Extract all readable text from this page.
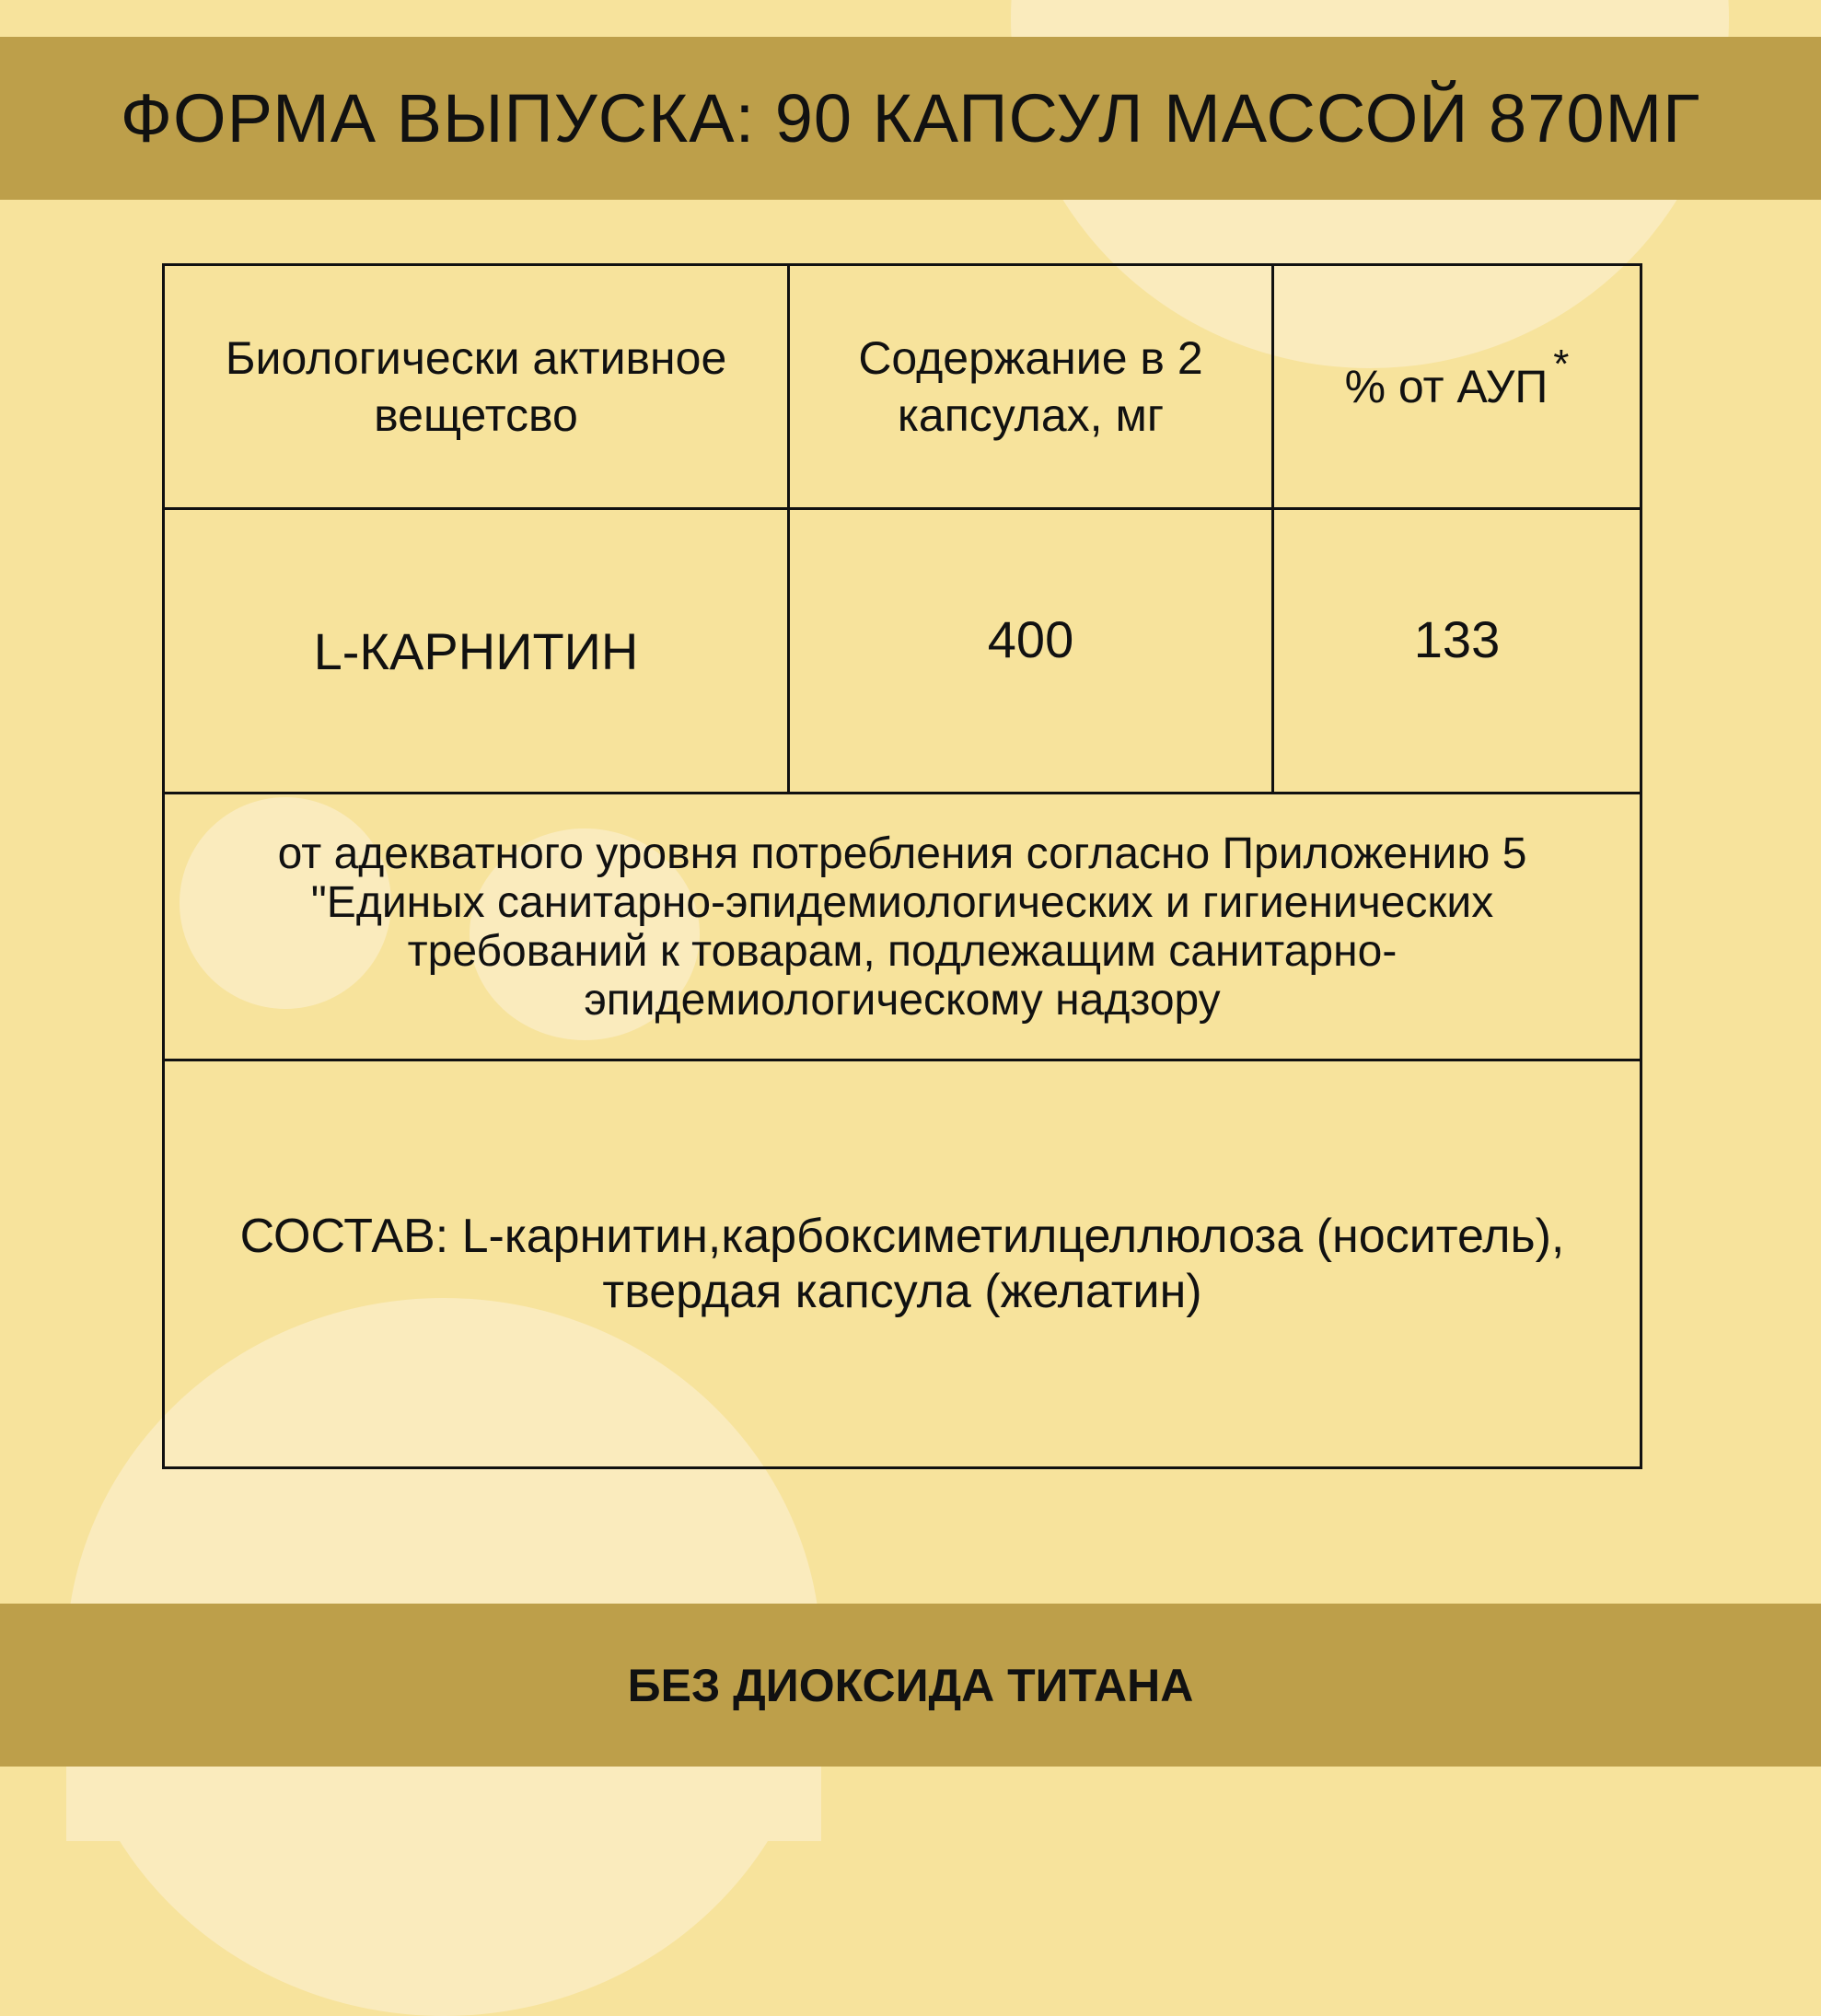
ФОРМА ВЫПУСКА: 90 КАПСУЛ МАССОЙ 870МГ
Биологически активное вещетсво
Содержание в 2 капсулах, мг
% от АУП *
L-КАРНИТИН	400	133
от адекватного уровня потребления согласно Приложению 5 "Единых санитарно-эпидемиологических и гигиенических требований к товарам, подлежащим санитарно-эпидемиологическому надзору
СОСТАВ: L-карнитин,карбоксиметилцеллюлоза (носитель), твердая капсула (желатин)
БЕЗ ДИОКСИДА ТИТАНА
